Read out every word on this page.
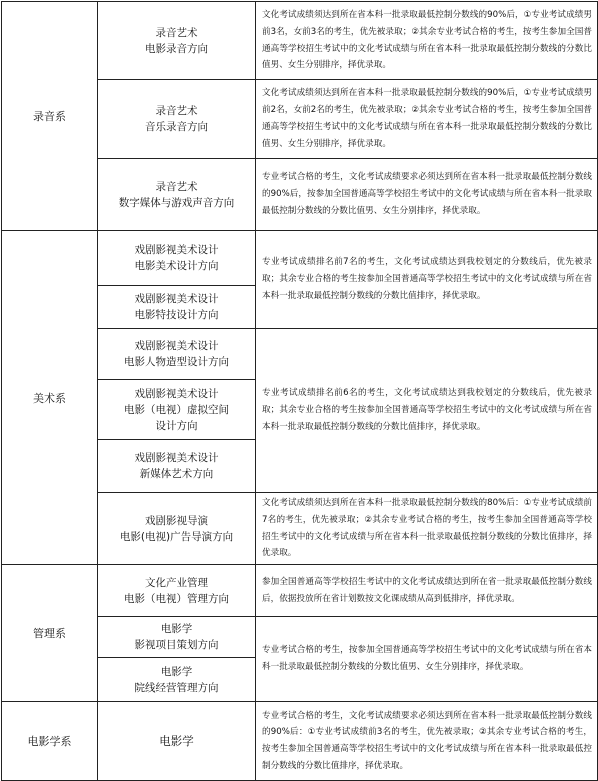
录音系	录音艺术
电影录音方向	文化考试成绩须达到所在省本科一批录取最低控制分数线的90%后，①专业考试成绩男前3名，女前3名的考生，优先被录取；②其余专业考试合格的考生，按考生参加全国普通高等学校招生考试中的文化考试成绩与所在省本科一批录取最低控制分数线的分数比值男、女生分别排序，择优录取。

	录音艺术
音乐录音方向	文化考试成绩须达到所在省本科一批录取最低控制分数线的90%后，①专业考试成绩男前2名，女前2名的考生，优先被录取；②其余专业考试合格的考生，按考生参加全国普通高等学校招生考试中的文化考试成绩与所在省本科一批录取最低控制分数线的分数比值男、女生分别排序，择优录取。

	录音艺术
数字媒体与游戏声音方向	专业考试合格的考生，文化考试成绩要求必须达到所在省本科一批录取最低控制分数线的90%后，按参加全国普通高等学校招生考试中的文化考试成绩与所在省本科一批录取最低控制分数线的分数比值男、女生分别排序，择优录取。
美术系	戏剧影视美术设计
电影美术设计方向	专业考试成绩排名前7名的考生，文化考试成绩达到我校划定的分数线后，优先被录取；其余专业合格的考生按参加全国普通高等学校招生考试中的文化考试成绩与所在省本科一批录取最低控制分数线的分数比值排序，择优录取。

	戏剧影视美术设计
电影特技设计方向	

	戏剧影视美术设计
电影人物造型设计方向	专业考试成绩排名前6名的考生，文化考试成绩达到我校划定的分数线后，优先被录取；其余专业合格的考生按参加全国普通高等学校招生考试中的文化考试成绩与所在省本科一批录取最低控制分数线的分数比值排序，择优录取。

	戏剧影视美术设计
电影（电视）虚拟空间
设计方向	

	戏剧影视美术设计
新媒体艺术方向	

	戏剧影视导演
电影(电视)广告导演方向	文化考试成绩须达到所在省本科一批录取最低控制分数线的80%后：①专业考试成绩前7名的考生，优先被录取；②其余专业考试合格的考生，按考生参加全国普通高等学校招生考试中的文化考试成绩与所在省本科一批录取最低控制分数线的分数比值排序，择优录取。
管理系	文化产业管理
电影（电视）管理方向	参加全国普通高等学校招生考试中的文化考试成绩达到所在省一批录取最低控制分数线后，依据投放所在省计划数按文化课成绩从高到低排序，择优录取。

	电影学
影视项目策划方向	专业考试合格的考生，按参加全国普通高等学校招生考试中的文化考试成绩与所在省本科一批录取最低控制分数线的分数比值男、女生分别排序，择优录取。

	电影学
院线经营管理方向	

电影学系	电影学	专业考试合格的考生，文化考试成绩要求必须达到所在省本科一批录取最低控制分数线的90%后：①专业考试成绩前3名的考生，优先被录取；②其余专业考试合格的考生，按考生参加全国普通高等学校招生考试中的文化考试成绩与所在省本科一批录取最低控制分数线的分数比值排序，择优录取。
